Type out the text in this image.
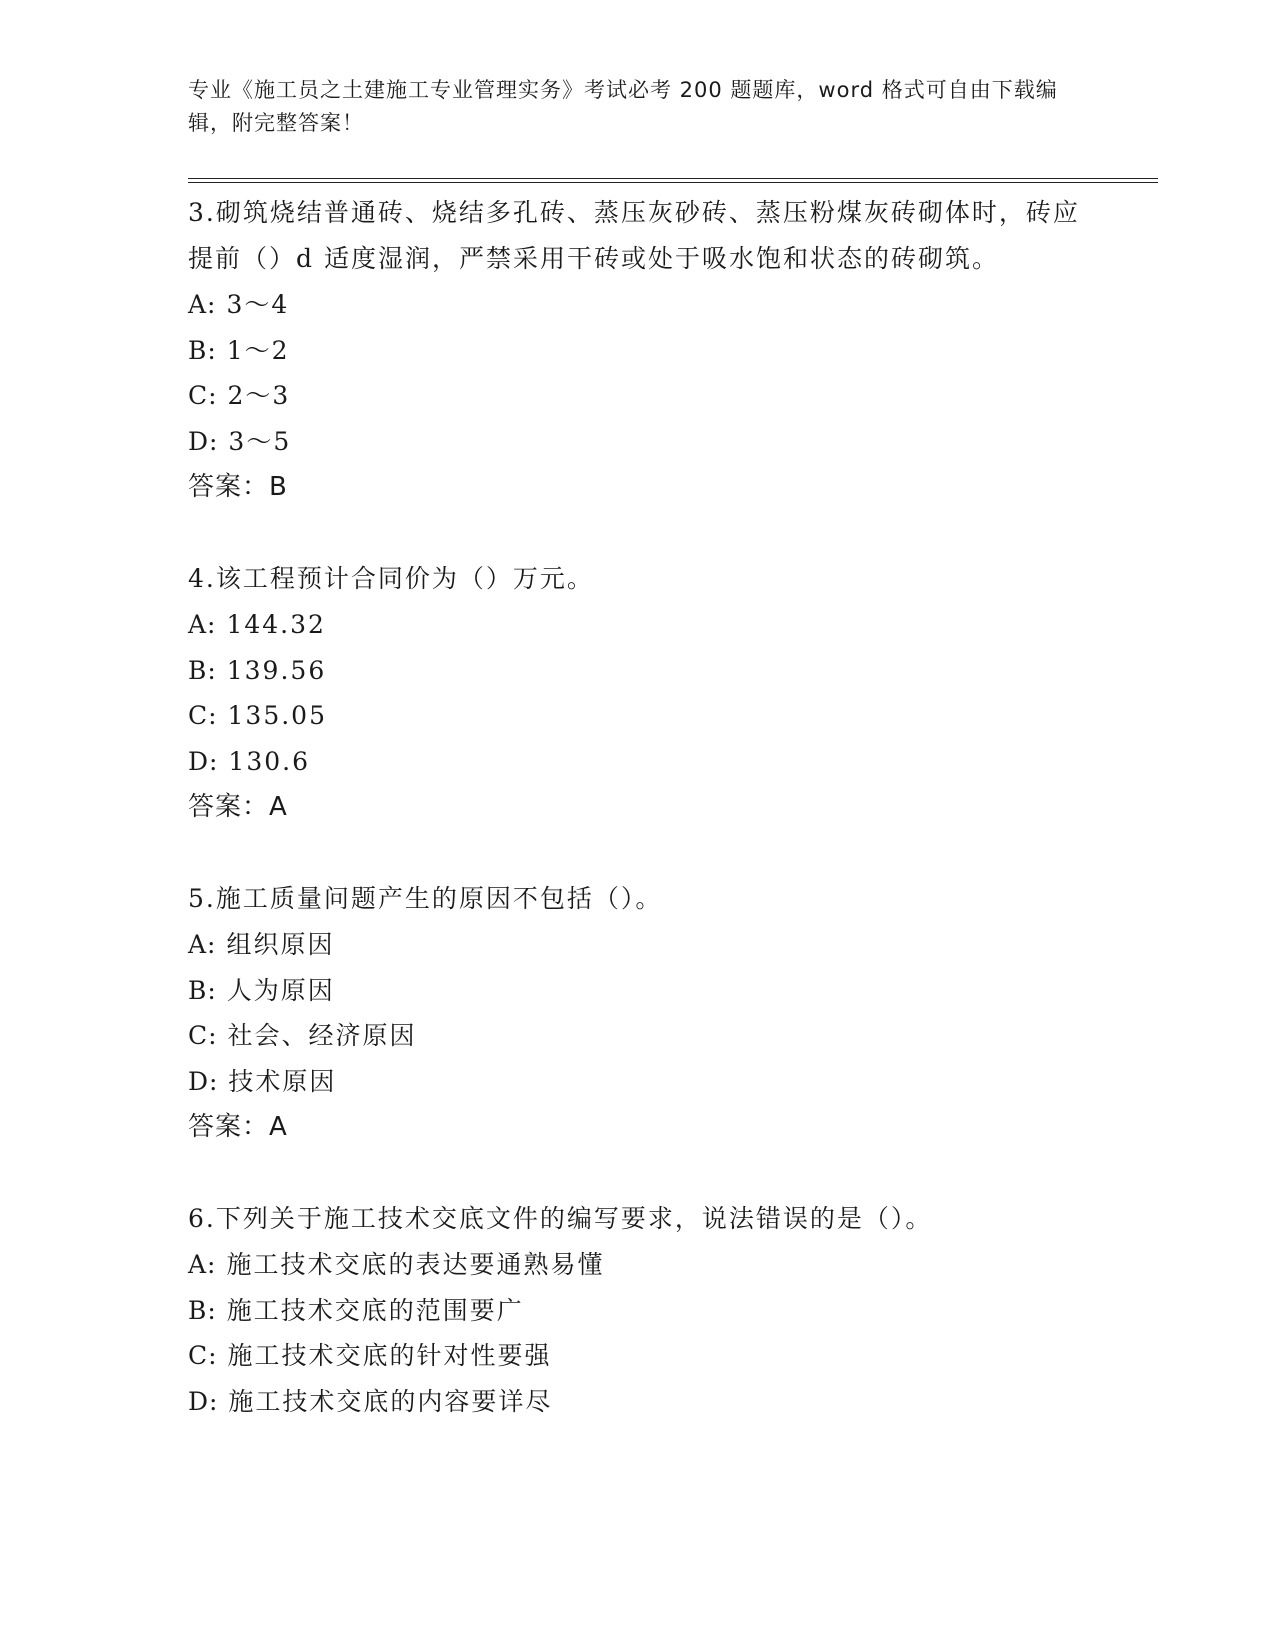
专业《施工员之土建施工专业管理实务》考试必考 200 题题库，word 格式可自由下载编辑，附完整答案！
3.砌筑烧结普通砖、烧结多孔砖、蒸压灰砂砖、蒸压粉煤灰砖砌体时，砖应提前（）d 适度湿润，严禁采用干砖或处于吸水饱和状态的砖砌筑。
A: 3～4
B: 1～2
C: 2～3
D: 3～5
答案：B
4.该工程预计合同价为（）万元。
A: 144.32
B: 139.56
C: 135.05
D: 130.6
答案：A
5.施工质量问题产生的原因不包括（）。
A: 组织原因
B: 人为原因
C: 社会、经济原因
D: 技术原因
答案：A
6.下列关于施工技术交底文件的编写要求，说法错误的是（）。
A: 施工技术交底的表达要通熟易懂
B: 施工技术交底的范围要广
C: 施工技术交底的针对性要强
D: 施工技术交底的内容要详尽
